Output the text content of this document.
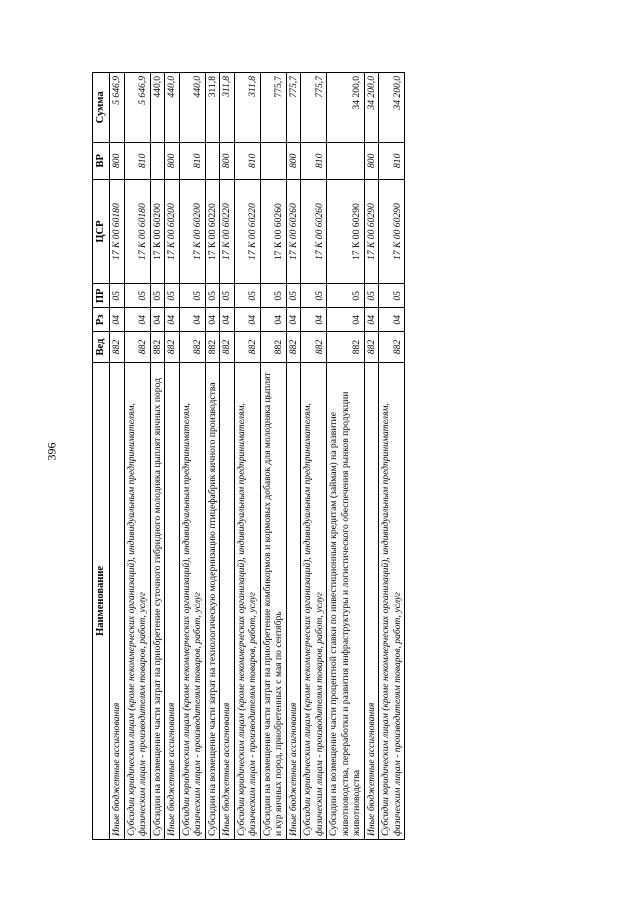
396
Наименование	Вед	Рз	ПР	ЦСР	ВР	Сумма
Иные бюджетные ассигнования	882	04	05	17 К 00 60180	800	5 646,9
Субсидии юридическим лицам (кроме некоммерческих организаций), индивидуальным предпринимателям, физическим лицам - производителям товаров, работ, услуг	882	04	05	17 К 00 60180	810	5 646,9
Субсидии на возмещение части затрат на приобретение суточного гибридного молодняка цыплят яичных пород	882	04	05	17 К 00 60200		440,0
Иные бюджетные ассигнования	882	04	05	17 К 00 60200	800	440,0
Субсидии юридическим лицам (кроме некоммерческих организаций), индивидуальным предпринимателям, физическим лицам - производителям товаров, работ, услуг	882	04	05	17 К 00 60200	810	440,0
Субсидии на возмещение части затрат на технологическую модернизацию птицефабрик яичного производства	882	04	05	17 К 00 60220		311,8
Иные бюджетные ассигнования	882	04	05	17 К 00 60220	800	311,8
Субсидии юридическим лицам (кроме некоммерческих организаций), индивидуальным предпринимателям, физическим лицам - производителям товаров, работ, услуг	882	04	05	17 К 00 60220	810	311,8
Субсидии на возмещение части затрат на приобретение комбикормов и кормовых добавок для молодняка цыплят и кур яичных пород, приобретенных с мая по сентябрь	882	04	05	17 К 00 60260		775,7
Иные бюджетные ассигнования	882	04	05	17 К 00 60260	800	775,7
Субсидии юридическим лицам (кроме некоммерческих организаций), индивидуальным предпринимателям, физическим лицам - производителям товаров, работ, услуг	882	04	05	17 К 00 60260	810	775,7
Субсидии на возмещение части процентной ставки по инвестиционным кредитам (займам) на развитие животноводства, переработки и развития инфраструктуры и логистического обеспечения рынков продукции животноводства	882	04	05	17 К 00 60290		34 200,0
Иные бюджетные ассигнования	882	04	05	17 К 00 60290	800	34 200,0
Субсидии юридическим лицам (кроме некоммерческих организаций), индивидуальным предпринимателям, физическим лицам - производителям товаров, работ, услуг	882	04	05	17 К 00 60290	810	34 200,0
